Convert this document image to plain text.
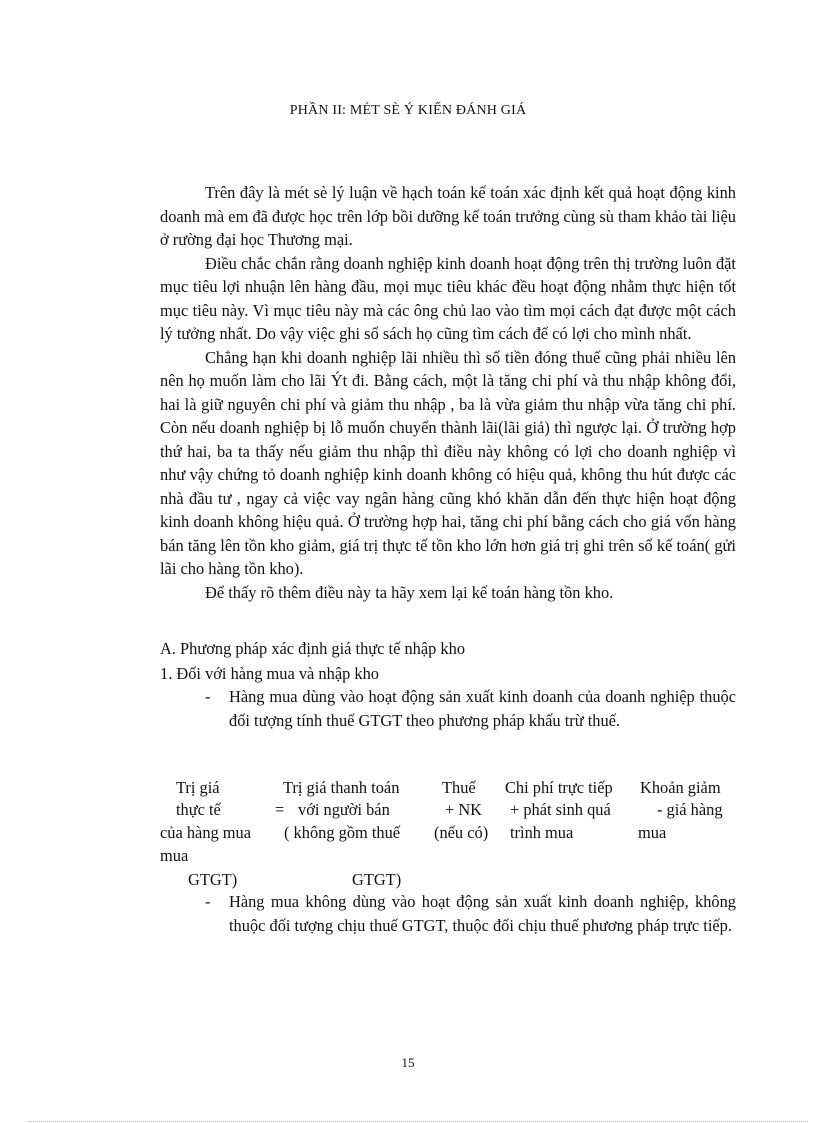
PHẦN II: MÉT SÈ Ý KIẾN ĐÁNH GIÁ

Trên đây là mét sè lý luận về hạch toán kế toán xác định kết quả hoạt động kinh doanh mà em đã được học trên lớp bồi dưỡng kế toán trưởng cùng sù tham khảo tài liệu ở rường đại học Thương mại.

Điều chắc chắn rằng doanh nghiệp kinh doanh hoạt động trên thị trường luôn đặt mục tiêu lợi nhuận lên hàng đầu, mọi mục tiêu khác đều hoạt động nhằm thực hiện tốt mục tiêu này. Vì mục tiêu này mà các ông chủ lao vào tìm mọi cách đạt được một cách lý tưởng nhất. Do vậy việc ghi sổ sách họ cũng tìm cách để có lợi cho mình nhất.

Chẳng hạn khi doanh nghiệp lãi nhiều thì số tiền đóng thuế cũng phải nhiều lên nên họ muốn làm cho lãi Ýt đi. Bằng cách, một là tăng chi phí và thu nhập không đổi, hai là giữ nguyên chi phí và giảm thu nhập , ba là vừa giảm thu nhập vừa tăng chi phí. Còn nếu doanh nghiệp bị lỗ muốn chuyển thành lãi(lãi giả) thì ngược lại. Ở trường hợp thứ hai, ba ta thấy nếu giảm thu nhập thì điều này không có lợi cho doanh nghiệp vì như vậy chứng tỏ doanh nghiệp kinh doanh không có hiệu quả, không thu hút được các nhà đầu tư , ngay cả việc vay ngân hàng cũng khó khăn dẫn đến thực hiện hoạt động kinh doanh không hiệu quả. Ở trường hợp hai, tăng chi phí bằng cách cho giá vốn hàng bán tăng lên tồn kho giảm, giá trị thực tế tồn kho lớn hơn giá trị ghi trên sổ kế toán( gửi lãi cho hàng tồn kho).

Để thấy rõ thêm điều này ta hãy xem lại kế toán hàng tồn kho.

A. Phương pháp xác định giá thực tế nhập kho
1. Đối với hàng mua và nhập kho
- Hàng mua dùng vào hoạt động sản xuất kinh doanh của doanh nghiệp thuộc đối tượng tính thuế GTGT theo phương pháp khấu trừ thuế.
Trị giá
thực tế
của hàng mua
mua
GTGT)
=
Trị giá thanh toán
với người bán
( không gồm thuế
GTGT)
Thuế
+ NK
(nếu có)
Chi phí trực tiếp
+ phát sinh quá
trình mua
Khoản giảm
- giá hàng
mua
- Hàng mua không dùng vào hoạt động sản xuất kinh doanh nghiệp, không thuộc đối tượng chịu thuế GTGT, thuộc đối chịu thuế phương pháp trực tiếp.
15
